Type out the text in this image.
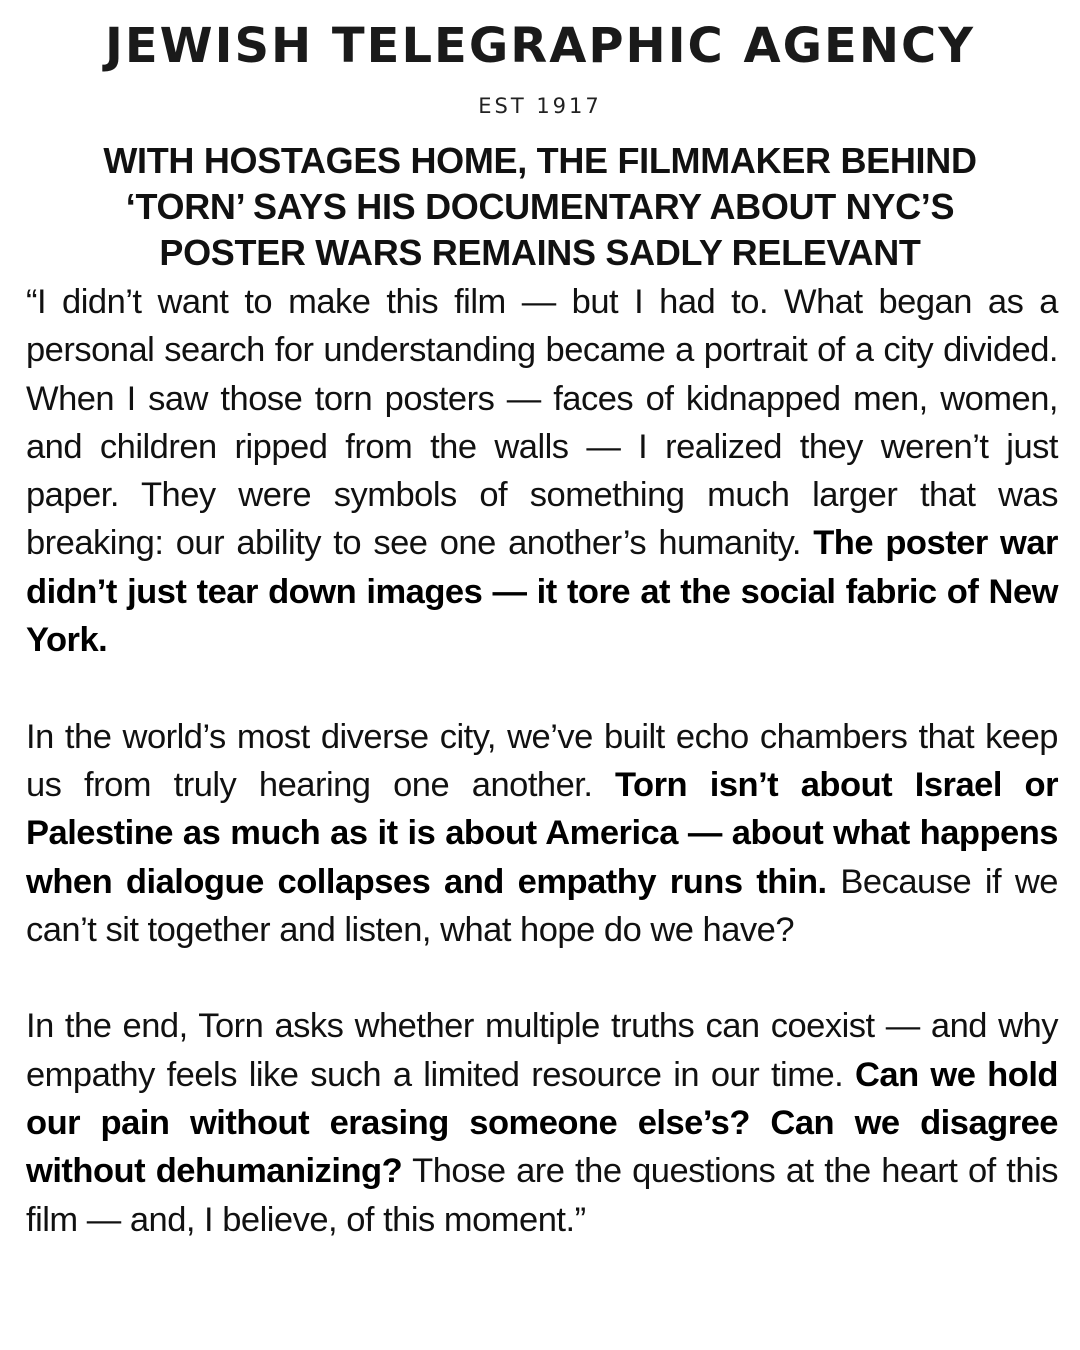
JEWISH TELEGRAPHIC AGENCY
EST 1917
WITH HOSTAGES HOME, THE FILMMAKER BEHIND
‘TORN’ SAYS HIS DOCUMENTARY ABOUT NYC’S
POSTER WARS REMAINS SADLY RELEVANT

“I didn’t want to make this film — but I had to. What began as a personal search for understanding became a portrait of a city divided. When I saw those torn posters — faces of kidnapped men, women, and children ripped from the walls — I realized they weren’t just paper. They were symbols of something much larger that was breaking: our ability to see one another’s humanity. The poster war didn’t just tear down images — it tore at the social fabric of New York.

In the world’s most diverse city, we’ve built echo chambers that keep us from truly hearing one another. Torn isn’t about Israel or Palestine as much as it is about America — about what happens when dialogue collapses and empathy runs thin. Because if we can’t sit together and listen, what hope do we have?

In the end, Torn asks whether multiple truths can coexist — and why empathy feels like such a limited resource in our time. Can we hold our pain without erasing someone else’s? Can we disagree without dehumanizing? Those are the questions at the heart of this film — and, I believe, of this moment.”
